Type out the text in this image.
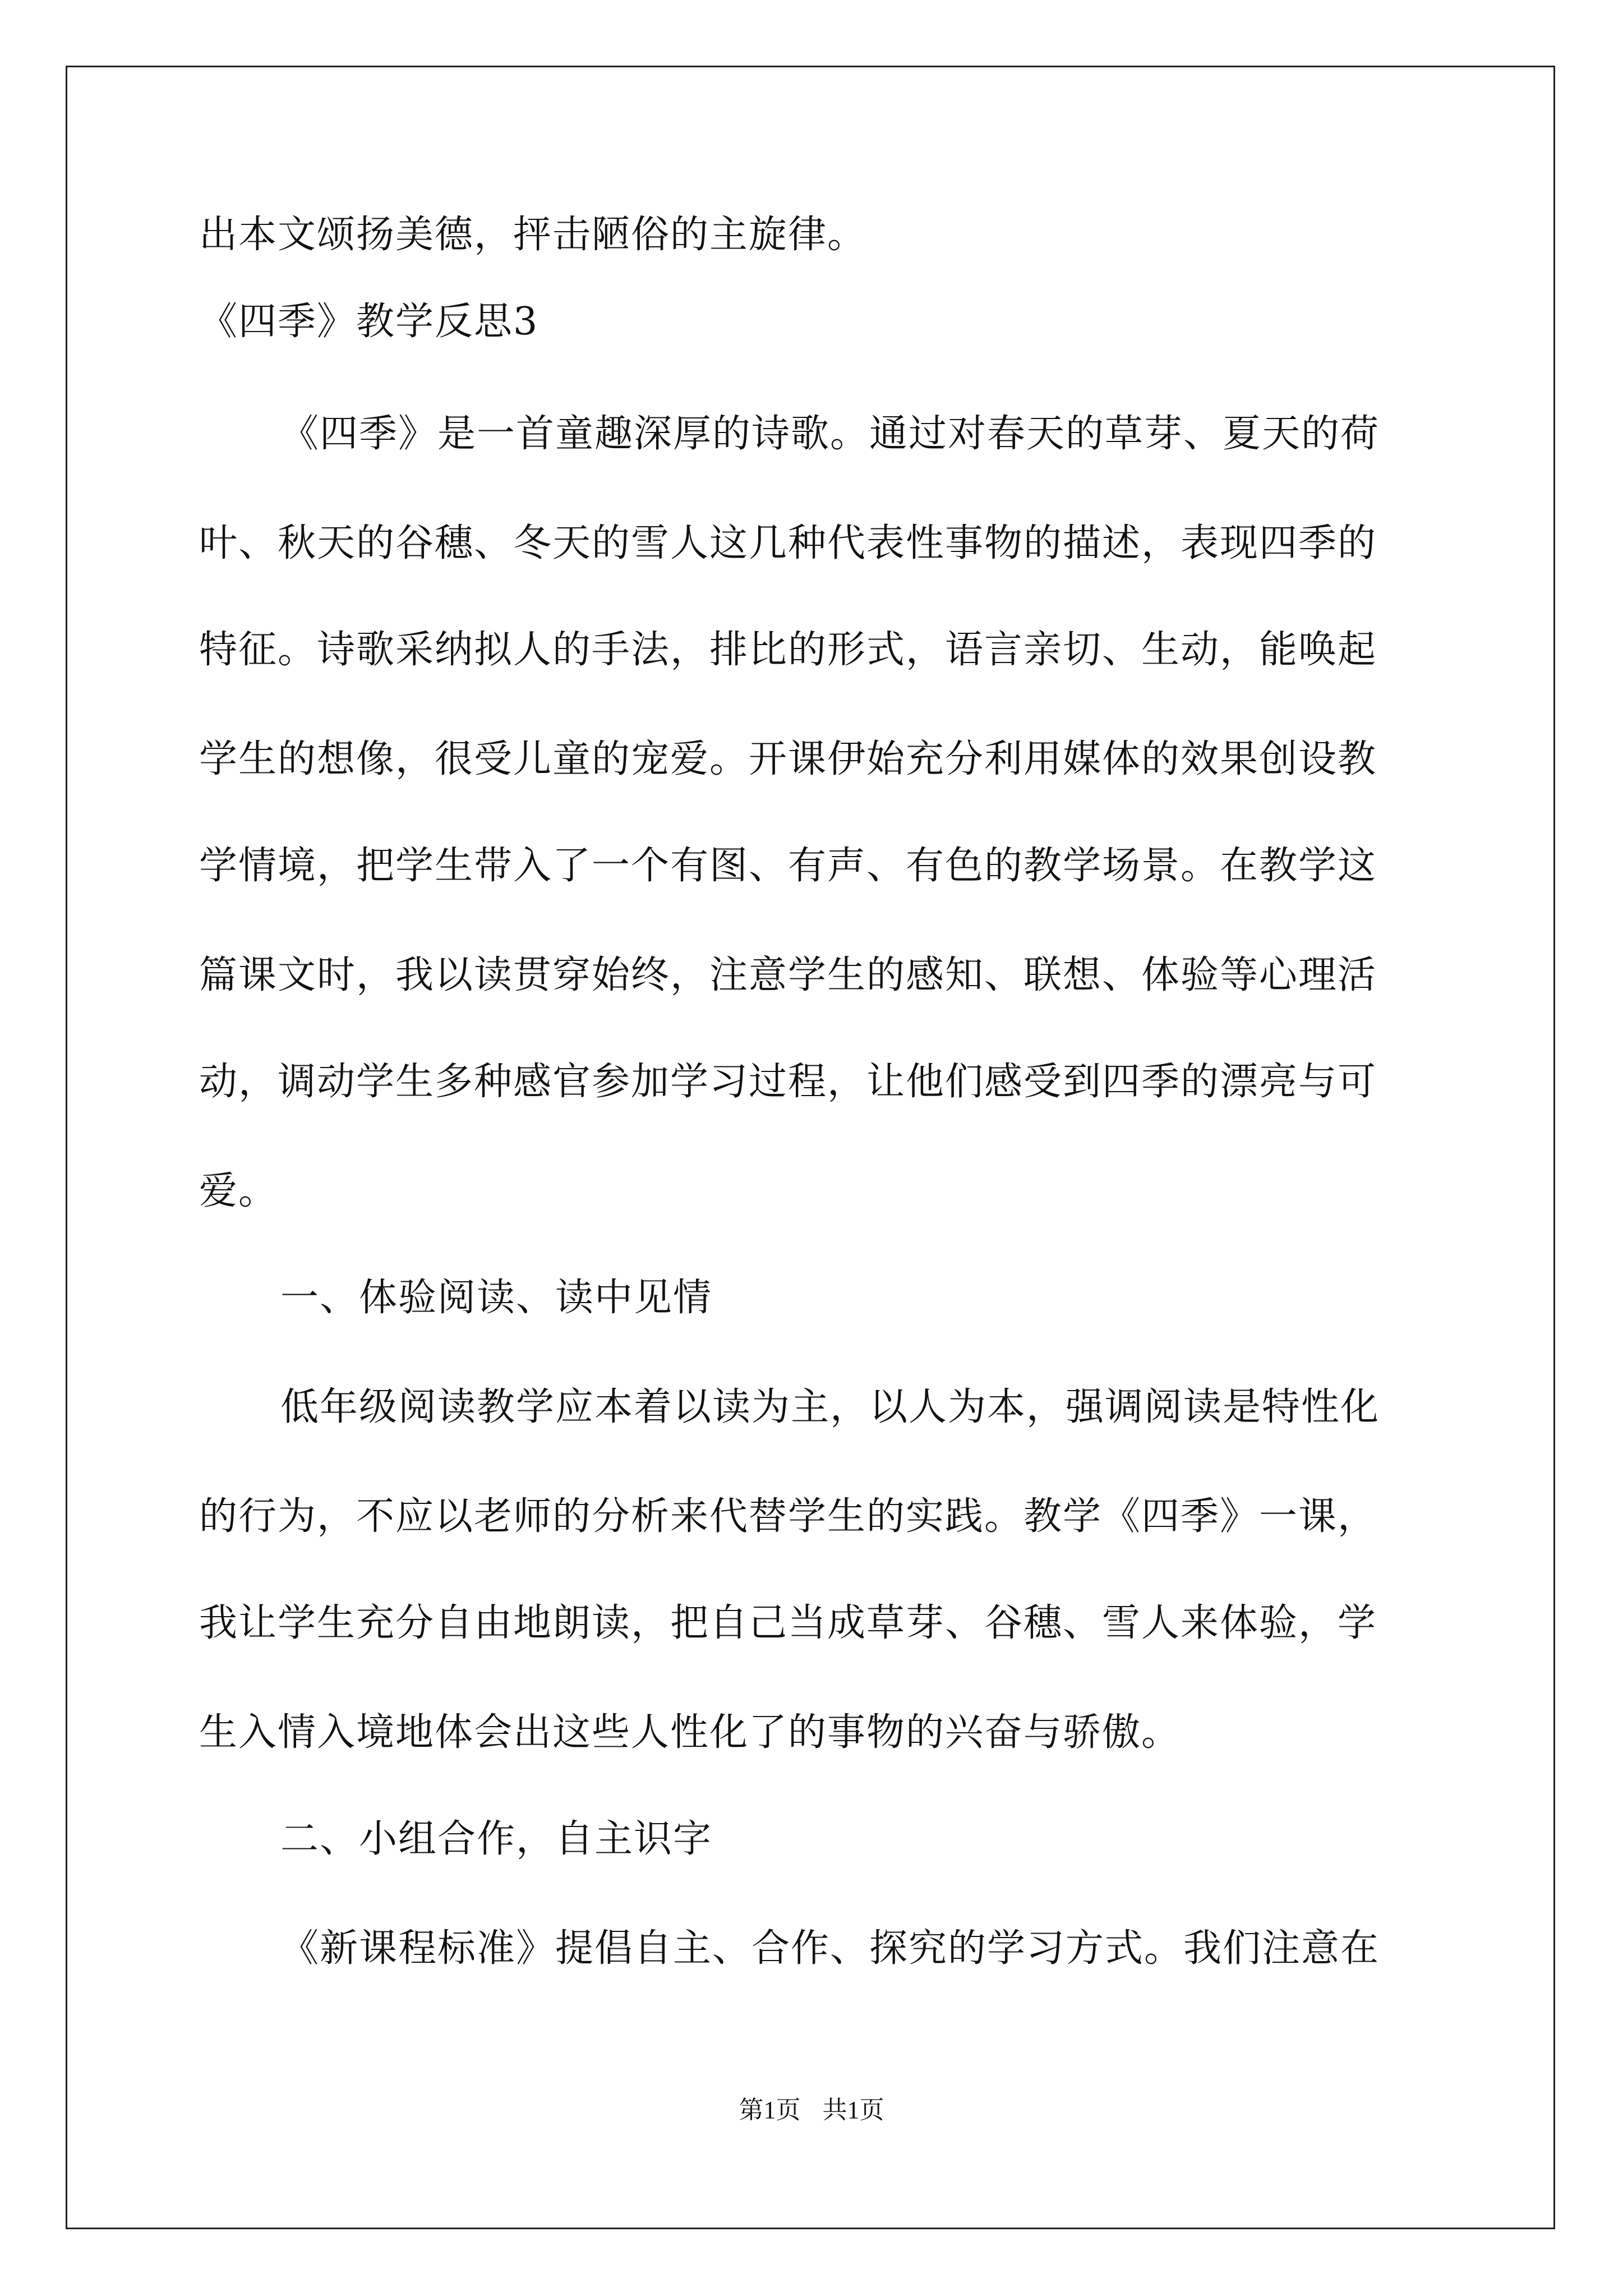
出本文颂扬美德，抨击陋俗的主旋律。

《四季》教学反思3

《四季》是一首童趣深厚的诗歌。通过对春天的草芽、夏天的荷

叶、秋天的谷穗、冬天的雪人这几种代表性事物的描述，表现四季的

特征。诗歌采纳拟人的手法，排比的形式，语言亲切、生动，能唤起

学生的想像，很受儿童的宠爱。开课伊始充分利用媒体的效果创设教

学情境，把学生带入了一个有图、有声、有色的教学场景。在教学这

篇课文时，我以读贯穿始终，注意学生的感知、联想、体验等心理活

动，调动学生多种感官参加学习过程，让他们感受到四季的漂亮与可

爱。

一、体验阅读、读中见情

低年级阅读教学应本着以读为主，以人为本，强调阅读是特性化

的行为，不应以老师的分析来代替学生的实践。教学《四季》一课，

我让学生充分自由地朗读，把自己当成草芽、谷穗、雪人来体验，学

生入情入境地体会出这些人性化了的事物的兴奋与骄傲。

二、小组合作，自主识字

《新课程标准》提倡自主、合作、探究的学习方式。我们注意在

第1页 共1页
